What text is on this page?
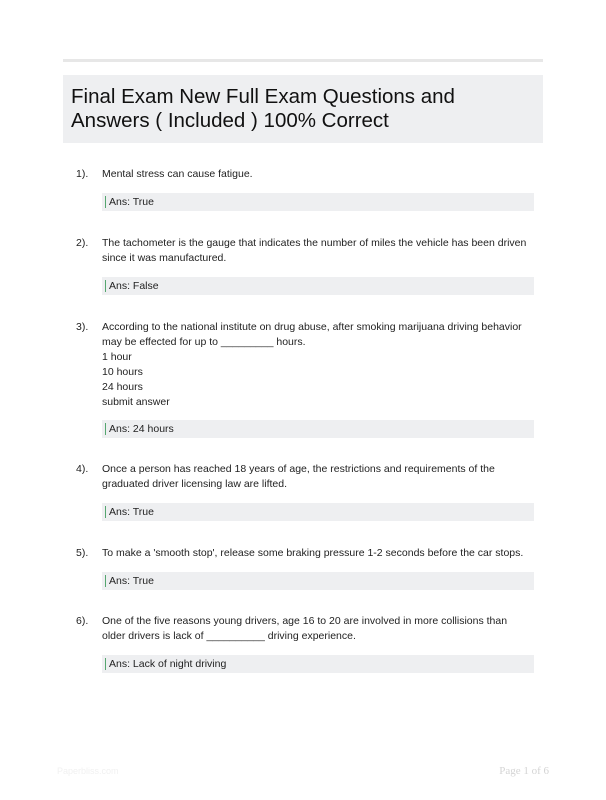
Final Exam New Full Exam Questions and
Answers ( Included ) 100% Correct
1). Mental stress can cause fatigue.
Ans: True
2). The tachometer is the gauge that indicates the number of miles the vehicle has been driven
since it was manufactured.
Ans: False
3). According to the national institute on drug abuse, after smoking marijuana driving behavior
may be effected for up to _________ hours.
1 hour
10 hours
24 hours
submit answer
Ans: 24 hours
4). Once a person has reached 18 years of age, the restrictions and requirements of the
graduated driver licensing law are lifted.
Ans: True
5). To make a 'smooth stop', release some braking pressure 1-2 seconds before the car stops.
Ans: True
6). One of the five reasons young drivers, age 16 to 20 are involved in more collisions than
older drivers is lack of __________ driving experience.
Ans: Lack of night driving
Paperbliss.com	Page 1 of 6
